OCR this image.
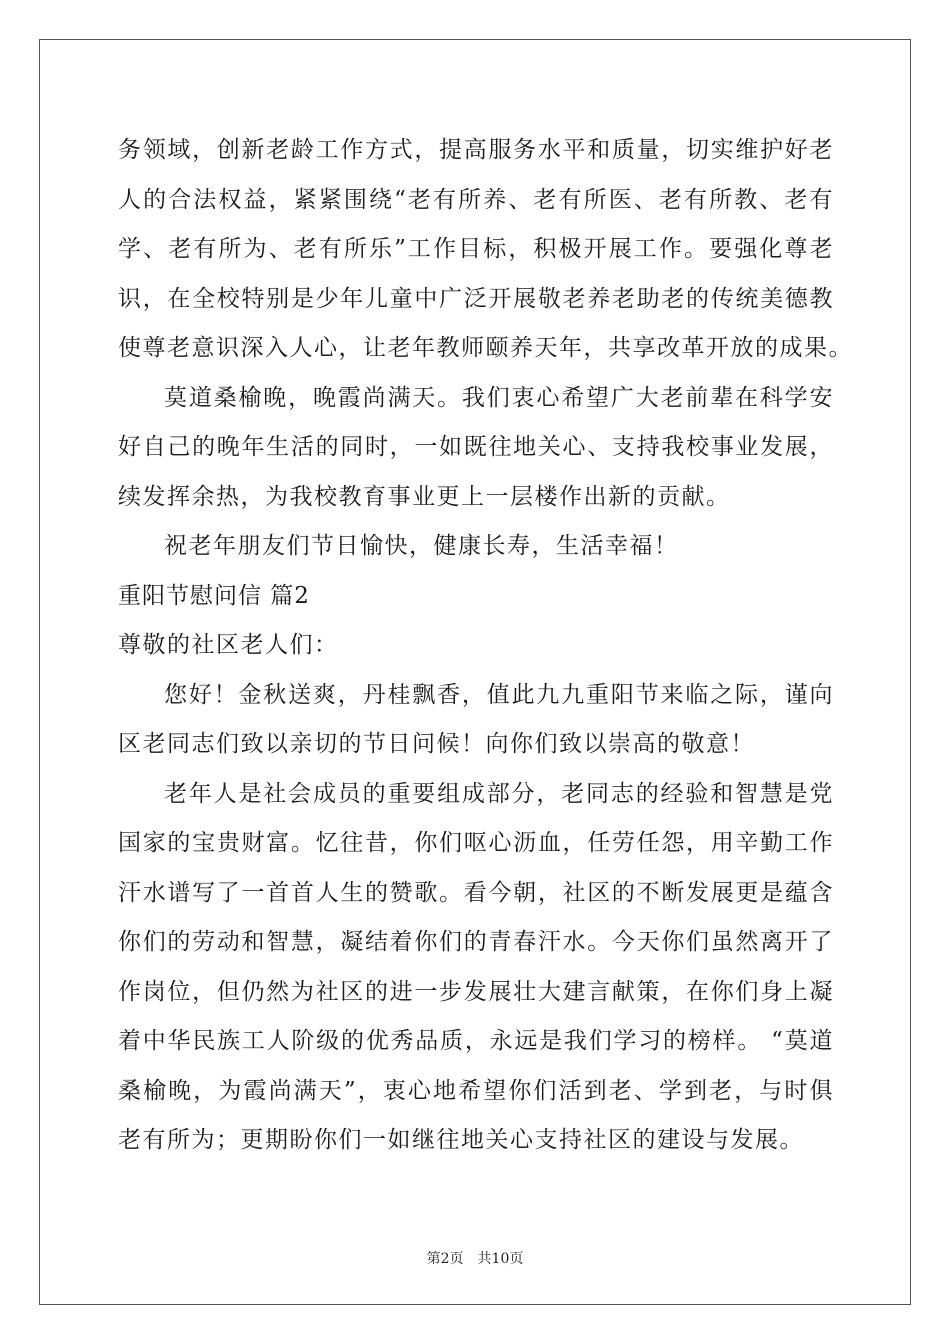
务领域，创新老龄工作方式，提高服务水平和质量，切实维护好老
人的合法权益，紧紧围绕“老有所养、老有所医、老有所教、老有
学、老有所为、老有所乐”工作目标，积极开展工作。要强化尊老
识，在全校特别是少年儿童中广泛开展敬老养老助老的传统美德教
使尊老意识深入人心，让老年教师颐养天年，共享改革开放的成果。
莫道桑榆晚，晚霞尚满天。我们衷心希望广大老前辈在科学安
好自己的晚年生活的同时，一如既往地关心、支持我校事业发展，
续发挥余热，为我校教育事业更上一层楼作出新的贡献。
祝老年朋友们节日愉快，健康长寿，生活幸福！
重阳节慰问信 篇2
尊敬的社区老人们：
您好！金秋送爽，丹桂飘香，值此九九重阳节来临之际，谨向
区老同志们致以亲切的节日问候！向你们致以崇高的敬意！
老年人是社会成员的重要组成部分，老同志的经验和智慧是党
国家的宝贵财富。忆往昔，你们呕心沥血，任劳任怨，用辛勤工作
汗水谱写了一首首人生的赞歌。看今朝，社区的不断发展更是蕴含
你们的劳动和智慧，凝结着你们的青春汗水。今天你们虽然离开了
作岗位，但仍然为社区的进一步发展壮大建言献策，在你们身上凝
着中华民族工人阶级的优秀品质，永远是我们学习的榜样。 “莫道
桑榆晚，为霞尚满天”，衷心地希望你们活到老、学到老，与时俱
老有所为；更期盼你们一如继往地关心支持社区的建设与发展。
第2页 共10页
